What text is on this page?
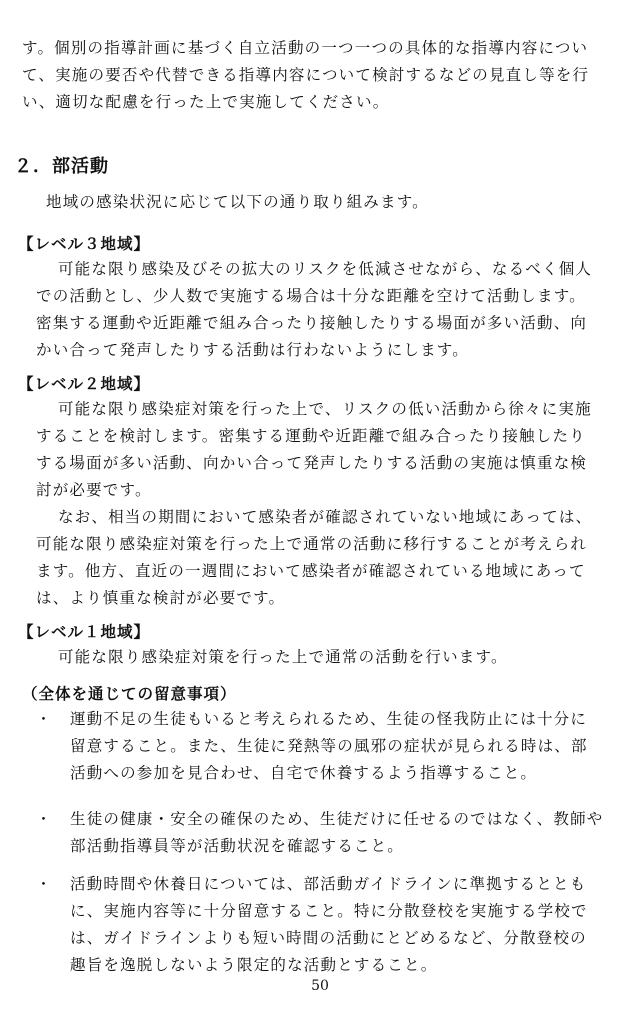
す。個別の指導計画に基づく自立活動の一つ一つの具体的な指導内容につい
て、実施の要否や代替できる指導内容について検討するなどの見直し等を行
い、適切な配慮を行った上で実施してください。
２．部活動
地域の感染状況に応じて以下の通り取り組みます。
【レベル３地域】
可能な限り感染及びその拡大のリスクを低減させながら、なるべく個人
での活動とし、少人数で実施する場合は十分な距離を空けて活動します。
密集する運動や近距離で組み合ったり接触したりする場面が多い活動、向
かい合って発声したりする活動は行わないようにします。
【レベル２地域】
可能な限り感染症対策を行った上で、リスクの低い活動から徐々に実施
することを検討します。密集する運動や近距離で組み合ったり接触したり
する場面が多い活動、向かい合って発声したりする活動の実施は慎重な検
討が必要です。
なお、相当の期間において感染者が確認されていない地域にあっては、
可能な限り感染症対策を行った上で通常の活動に移行することが考えられ
ます。他方、直近の一週間において感染者が確認されている地域にあって
は、より慎重な検討が必要です。
【レベル１地域】
可能な限り感染症対策を行った上で通常の活動を行います。
（全体を通じての留意事項）
・ 運動不足の生徒もいると考えられるため、生徒の怪我防止には十分に
留意すること。また、生徒に発熱等の風邪の症状が見られる時は、部
活動への参加を見合わせ、自宅で休養するよう指導すること。
・ 生徒の健康・安全の確保のため、生徒だけに任せるのではなく、教師や
部活動指導員等が活動状況を確認すること。
・ 活動時間や休養日については、部活動ガイドラインに準拠するととも
に、実施内容等に十分留意すること。特に分散登校を実施する学校で
は、ガイドラインよりも短い時間の活動にとどめるなど、分散登校の
趣旨を逸脱しないよう限定的な活動とすること。
50
